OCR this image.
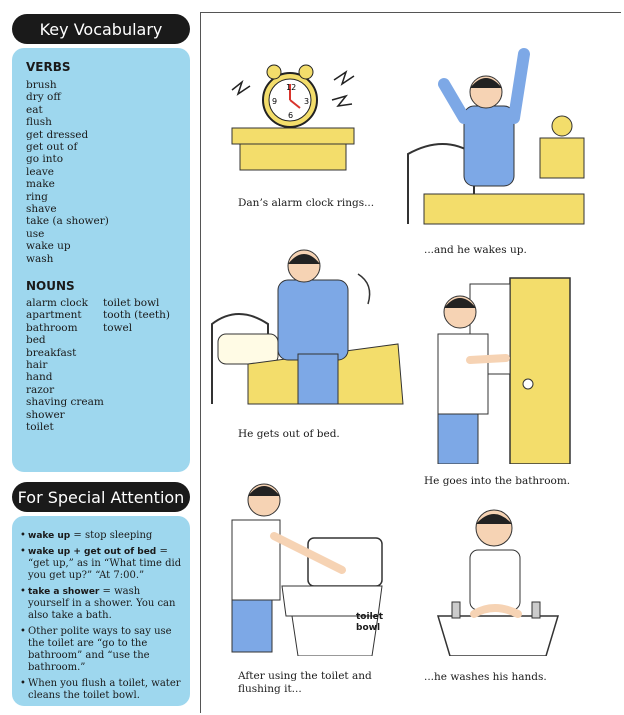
Key Vocabulary
VERBS
brush
dry off
eat
flush
get dressed
get out of
go into
leave
make
ring
shave
take (a shower)
use
wake up
wash
NOUNS
alarm clock
apartment
bathroom
bed
breakfast
hair
hand
razor
shaving cream
shower
toilet
toilet bowl
tooth (teeth)
towel
For Special Attention
• wake up = stop sleeping
• wake up + get out of bed = “get up,” as in “What time did you get up?” “At 7:00.”
• take a shower = wash yourself in a shower. You can also take a bath.
• Other polite ways to say use the toilet are “go to the bathroom” and “use the bathroom.”
• When you flush a toilet, water cleans the toilet bowl.
12
9	3
6
Dan’s alarm clock rings...
...and he wakes up.
He gets out of bed.
He goes into the bathroom.
toilet
bowl
After using the toilet and
flushing it...
...he washes his hands.
